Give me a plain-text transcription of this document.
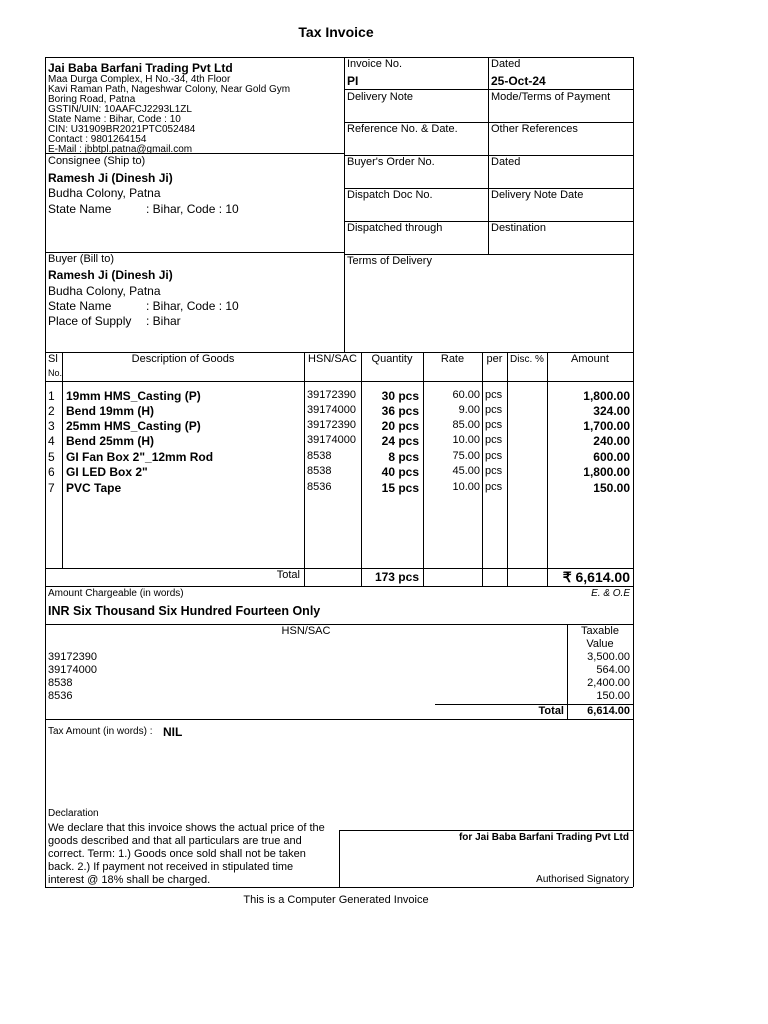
Tax Invoice
Jai Baba Barfani Trading Pvt Ltd
Maa Durga Complex, H No.-34, 4th Floor
Kavi Raman Path, Nageshwar Colony, Near Gold Gym
Boring Road, Patna
GSTIN/UIN: 10AAFCJ2293L1ZL
State Name : Bihar, Code : 10
CIN: U31909BR2021PTC052484
Contact : 9801264154
E-Mail : jbbtpl.patna@gmail.com
Consignee (Ship to)
Ramesh Ji (Dinesh Ji)
Budha Colony, Patna
State Name	: Bihar, Code : 10
Buyer (Bill to)
Ramesh Ji (Dinesh Ji)
Budha Colony, Patna
State Name	: Bihar, Code : 10
Place of Supply : Bihar
Invoice No.
PI
Dated
25-Oct-24
Delivery Note	Mode/Terms of Payment
Reference No. & Date.	Other References
Buyer's Order No.	Dated
Dispatch Doc No.	Delivery Note Date
Dispatched through	Destination
Terms of Delivery
Sl
No.
Description of Goods	HSN/SAC	Quantity	Rate	per Disc. %	Amount
1 19mm HMS_Casting (P)	39172390	30 pcs	60.00 pcs	1,800.00
2 Bend 19mm (H)	39174000	36 pcs	9.00 pcs	324.00
3 25mm HMS_Casting (P)	39172390	20 pcs	85.00 pcs	1,700.00
4 Bend 25mm (H)	39174000	24 pcs	10.00 pcs	240.00
5 GI Fan Box 2"_12mm Rod	8538	8 pcs	75.00 pcs	600.00
6 GI LED Box 2"	8538	40 pcs	45.00 pcs	1,800.00
7 PVC Tape	8536	15 pcs	10.00 pcs	150.00
Total	173 pcs	₹ 6,614.00
Amount Chargeable (in words)	E. & O.E
INR Six Thousand Six Hundred Fourteen Only
HSN/SAC	Taxable
Value
39172390	3,500.00
39174000	564.00
8538	2,400.00
8536	150.00
Total	6,614.00
Tax Amount (in words) : NIL
Declaration
We declare that this invoice shows the actual price of the
goods described and that all particulars are true and
correct. Term: 1.) Goods once sold shall not be taken
back. 2.) If payment not received in stipulated time
interest @ 18% shall be charged.
for Jai Baba Barfani Trading Pvt Ltd
Authorised Signatory
This is a Computer Generated Invoice
